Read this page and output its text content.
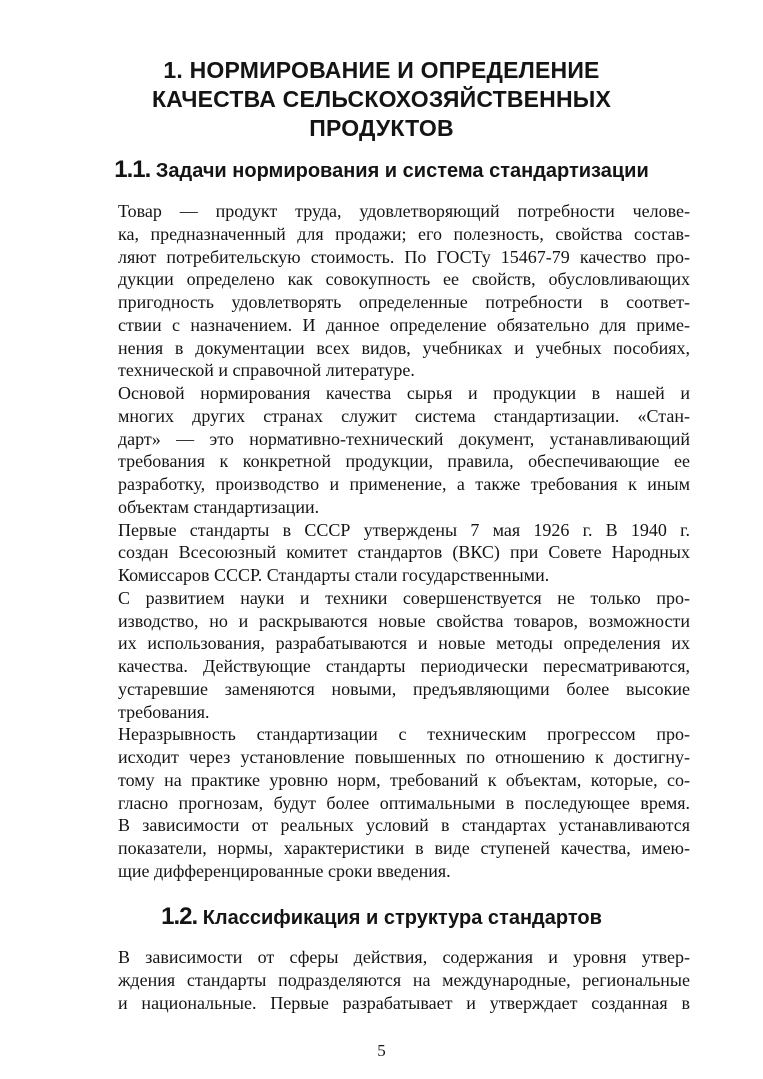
1. НОРМИРОВАНИЕ И ОПРЕДЕЛЕНИЕ
КАЧЕСТВА СЕЛЬСКОХОЗЯЙСТВЕННЫХ
ПРОДУКТОВ
1.1. Задачи нормирования и система стандартизации

Товар — продукт труда, удовлетворяющий потребности челове-
ка, предназначенный для продажи; его полезность, свойства состав-
ляют потребительскую стоимость. По ГОСТу 15467-79 качество про-
дукции определено как совокупность ее свойств, обусловливающих
пригодность удовлетворять определенные потребности в соответ-
ствии с назначением. И данное определение обязательно для приме-
нения в документации всех видов, учебниках и учебных пособиях,
технической и справочной литературе.

Основой нормирования качества сырья и продукции в нашей и
многих других странах служит система стандартизации. «Стан-
дарт» — это нормативно-технический документ, устанавливающий
требования к конкретной продукции, правила, обеспечивающие ее
разработку, производство и применение, а также требования к иным
объектам стандартизации.

Первые стандарты в СССР утверждены 7 мая 1926 г. В 1940 г.
создан Всесоюзный комитет стандартов (ВКС) при Совете Народных
Комиссаров СССР. Стандарты стали государственными.

С развитием науки и техники совершенствуется не только про-
изводство, но и раскрываются новые свойства товаров, возможности
их использования, разрабатываются и новые методы определения их
качества. Действующие стандарты периодически пересматриваются,
устаревшие заменяются новыми, предъявляющими более высокие
требования.

Неразрывность стандартизации с техническим прогрессом про-
исходит через установление повышенных по отношению к достигну-
тому на практике уровню норм, требований к объектам, которые, со-
гласно прогнозам, будут более оптимальными в последующее время.
В зависимости от реальных условий в стандартах устанавливаются
показатели, нормы, характеристики в виде ступеней качества, имею-
щие дифференцированные сроки введения.

1.2. Классификация и структура стандартов

В зависимости от сферы действия, содержания и уровня утвер-
ждения стандарты подразделяются на международные, региональные
и национальные. Первые разрабатывает и утверждает созданная в

5
